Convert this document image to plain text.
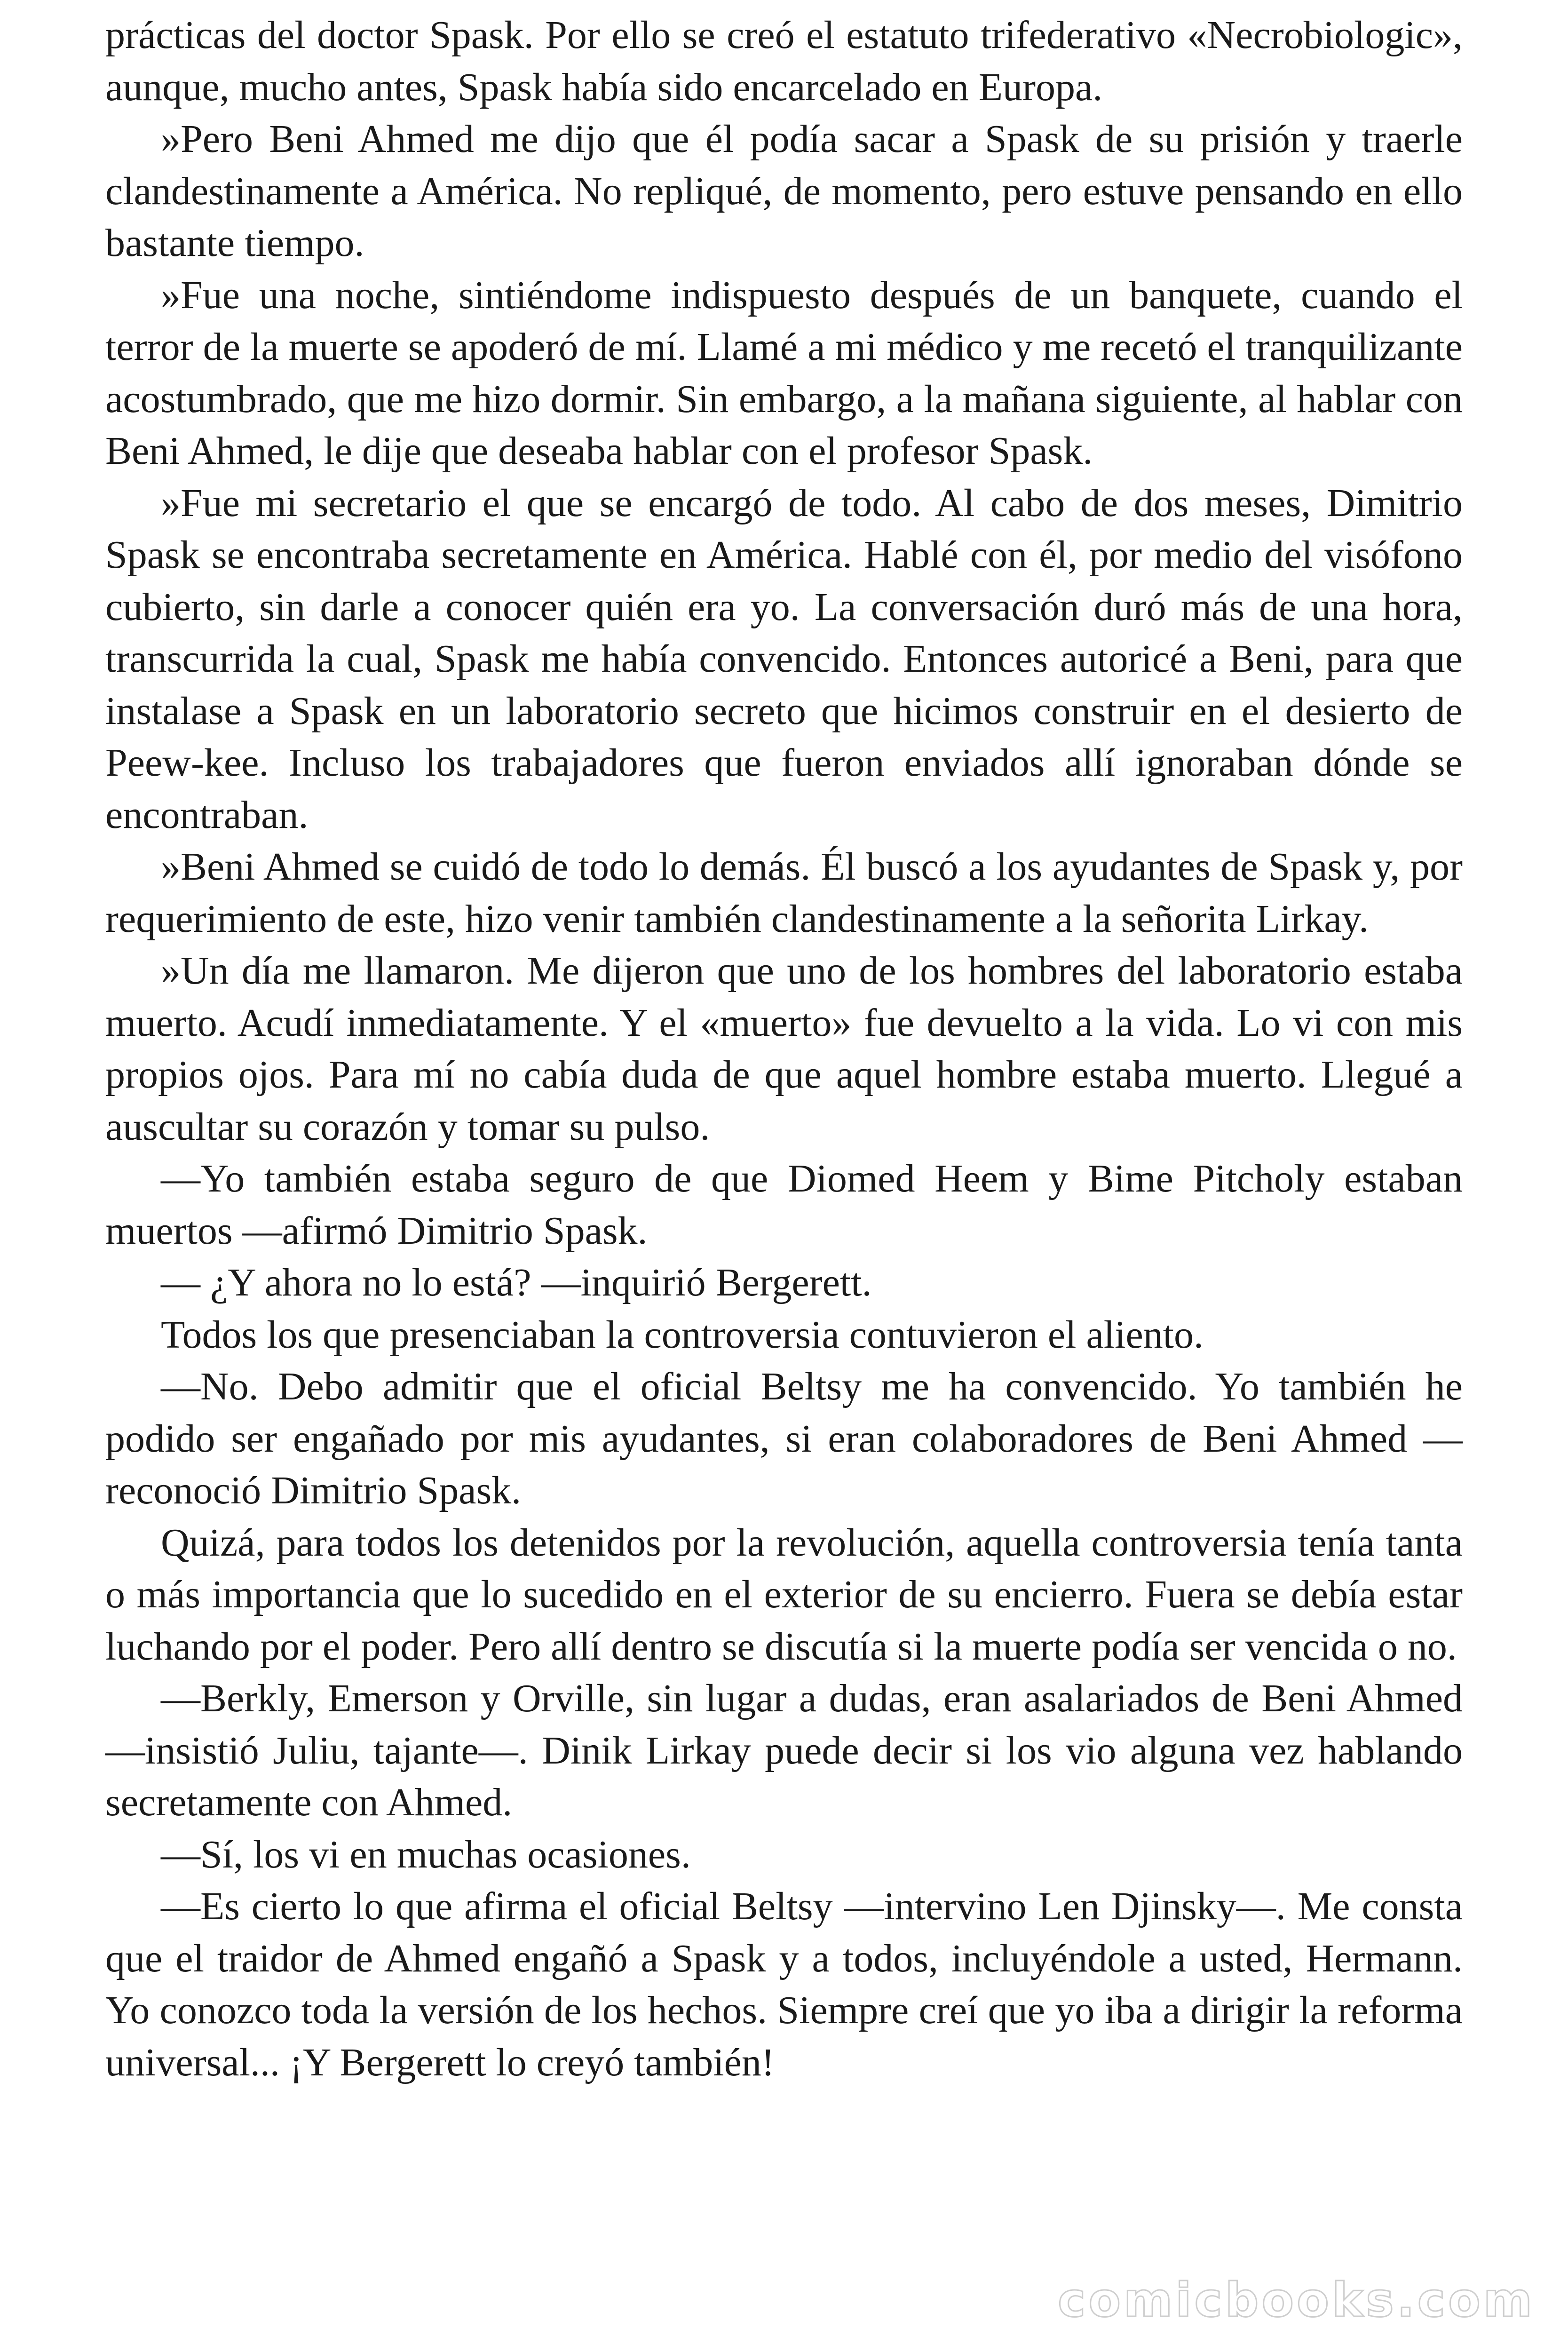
prácticas del doctor Spask. Por ello se creó el estatuto trifederativo «Necrobiologic», aunque, mucho antes, Spask había sido encarcelado en Europa.

»Pero Beni Ahmed me dijo que él podía sacar a Spask de su prisión y traerle clandestinamente a América. No repliqué, de momento, pero estuve pensando en ello bastante tiempo.

»Fue una noche, sintiéndome indispuesto después de un banquete, cuando el terror de la muerte se apoderó de mí. Llamé a mi médico y me recetó el tranquilizante acostumbrado, que me hizo dormir. Sin embargo, a la mañana siguiente, al hablar con Beni Ahmed, le dije que deseaba hablar con el profesor Spask.

»Fue mi secretario el que se encargó de todo. Al cabo de dos meses, Dimitrio Spask se encontraba secretamente en América. Hablé con él, por medio del visófono cubierto, sin darle a conocer quién era yo. La conversación duró más de una hora, transcurrida la cual, Spask me había convencido. Entonces autoricé a Beni, para que instalase a Spask en un laboratorio secreto que hicimos construir en el desierto de Peew-kee. Incluso los trabajadores que fueron enviados allí ignoraban dónde se encontraban.

»Beni Ahmed se cuidó de todo lo demás. Él buscó a los ayudantes de Spask y, por requerimiento de este, hizo venir también clandestinamente a la señorita Lirkay.

»Un día me llamaron. Me dijeron que uno de los hombres del laboratorio estaba muerto. Acudí inmediatamente. Y el «muerto» fue devuelto a la vida. Lo vi con mis propios ojos. Para mí no cabía duda de que aquel hombre estaba muerto. Llegué a auscultar su corazón y tomar su pulso.

—Yo también estaba seguro de que Diomed Heem y Bime Pitcholy estaban muertos —afirmó Dimitrio Spask.

— ¿Y ahora no lo está? —inquirió Bergerett.

Todos los que presenciaban la controversia contuvieron el aliento.

—No. Debo admitir que el oficial Beltsy me ha convencido. Yo también he podido ser engañado por mis ayudantes, si eran colaboradores de Beni Ahmed —reconoció Dimitrio Spask.

Quizá, para todos los detenidos por la revolución, aquella controversia tenía tanta o más importancia que lo sucedido en el exterior de su encierro. Fuera se debía estar luchando por el poder. Pero allí dentro se discutía si la muerte podía ser vencida o no.

—Berkly, Emerson y Orville, sin lugar a dudas, eran asalariados de Beni Ahmed —insistió Juliu, tajante—. Dinik Lirkay puede decir si los vio alguna vez hablando secretamente con Ahmed.

—Sí, los vi en muchas ocasiones.

—Es cierto lo que afirma el oficial Beltsy —intervino Len Djinsky—. Me consta que el traidor de Ahmed engañó a Spask y a todos, incluyéndole a usted, Hermann. Yo conozco toda la versión de los hechos. Siempre creí que yo iba a dirigir la reforma universal... ¡Y Bergerett lo creyó también!

comicbooks.com
